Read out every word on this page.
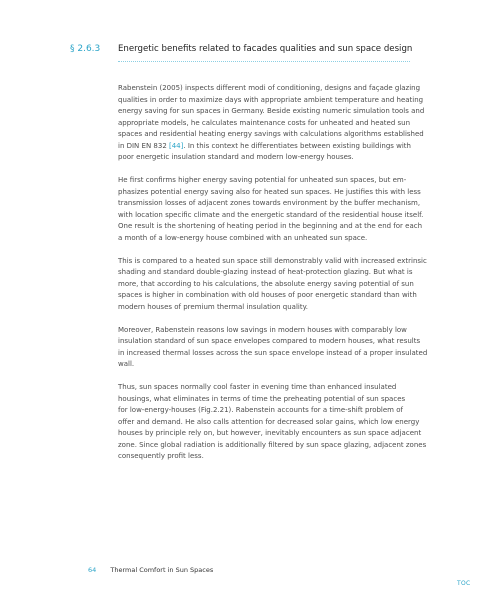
§ 2.6.3 Energetic benefits related to facades qualities and sun space design

Rabenstein (2005) inspects different modi of conditioning, designs and façade glazing
qualities in order to maximize days with appropriate ambient temperature and heating
energy saving for sun spaces in Germany. Beside existing numeric simulation tools and
appropriate models, he calculates maintenance costs for unheated and heated sun
spaces and residential heating energy savings with calculations algorithms established
in DIN EN 832 [44]. In this context he differentiates between existing buildings with
poor energetic insulation standard and modern low-energy houses.

He first confirms higher energy saving potential for unheated sun spaces, but em-
phasizes potential energy saving also for heated sun spaces. He justifies this with less
transmission losses of adjacent zones towards environment by the buffer mechanism,
with location specific climate and the energetic standard of the residential house itself.
One result is the shortening of heating period in the beginning and at the end for each
a month of a low-energy house combined with an unheated sun space.

This is compared to a heated sun space still demonstrably valid with increased extrinsic
shading and standard double-glazing instead of heat-protection glazing. But what is
more, that according to his calculations, the absolute energy saving potential of sun
spaces is higher in combination with old houses of poor energetic standard than with
modern houses of premium thermal insulation quality.

Moreover, Rabenstein reasons low savings in modern houses with comparably low
insulation standard of sun space envelopes compared to modern houses, what results
in increased thermal losses across the sun space envelope instead of a proper insulated
wall.

Thus, sun spaces normally cool faster in evening time than enhanced insulated
housings, what eliminates in terms of time the preheating potential of sun spaces
for low-energy-houses (Fig.2.21). Rabenstein accounts for a time-shift problem of
offer and demand. He also calls attention for decreased solar gains, which low energy
houses by principle rely on, but however, inevitably encounters as sun space adjacent
zone. Since global radiation is additionally filtered by sun space glazing, adjacent zones
consequently profit less.

64 Thermal Comfort in Sun Spaces
TOC
